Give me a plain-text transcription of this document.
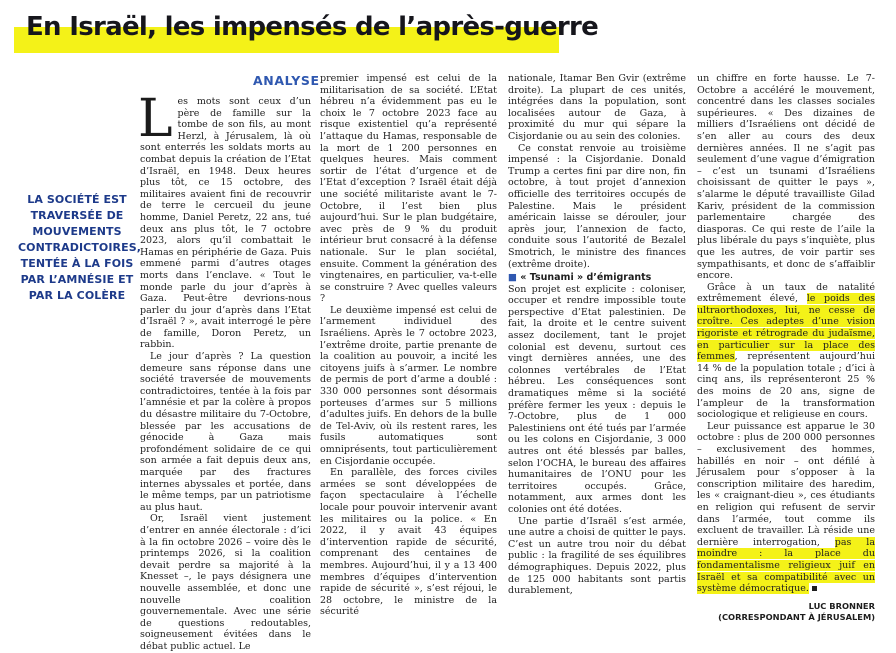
En Israël, les impensés de l’après-guerre
LA SOCIÉTÉ EST TRAVERSÉE DE MOUVEMENTS CONTRADICTOIRES, TENTÉE À LA FOIS PAR L’AMNÉSIE ET PAR LA COLÈRE
ANALYSE

Les mots sont ceux d’un père de famille sur la tombe de son fils, au mont Herzl, à Jérusalem, là où sont enterrés les soldats morts au combat depuis la création de l’Etat d’Israël, en 1948. Deux heures plus tôt, ce 15 octobre, des militaires avaient fini de recouvrir de terre le cercueil du jeune homme, Daniel Peretz, 22 ans, tué deux ans plus tôt, le 7 octobre 2023, alors qu’il combattait le Hamas en périphérie de Gaza. Puis emmené parmi d’autres otages morts dans l’enclave. « Tout le monde parle du jour d’après à Gaza. Peut-être devrions-nous parler du jour d’après dans l’Etat d’Israël ? », avait interrogé le père de famille, Doron Peretz, un rabbin.

Le jour d’après ? La question demeure sans réponse dans une société traversée de mouvements contradictoires, tentée à la fois par l’amnésie et par la colère à propos du désastre militaire du 7-Octobre, blessée par les accusations de génocide à Gaza mais profondément solidaire de ce qui son armée a fait depuis deux ans, marquée par des fractures internes abyssales et portée, dans le même temps, par un patriotisme au plus haut.

Or, Israël vient justement d’entrer en année électorale : d’ici à la fin octobre 2026 – voire dès le printemps 2026, si la coalition devait perdre sa majorité à la Knesset –, le pays désignera une nouvelle assemblée, et donc une nouvelle coalition gouvernementale. Avec une série de questions redoutables, soigneusement évitées dans le débat public actuel. Le

premier impensé est celui de la militarisation de sa société. L’Etat hébreu n’a évidemment pas eu le choix le 7 octobre 2023 face au risque existentiel qu’a représenté l’attaque du Hamas, responsable de la mort de 1 200 personnes en quelques heures. Mais comment sortir de l’état d’urgence et de l’Etat d’exception ? Israël était déjà une société militariste avant le 7-Octobre, il l’est bien plus aujourd’hui. Sur le plan budgétaire, avec près de 9 % du produit intérieur brut consacré à la défense nationale. Sur le plan sociétal, ensuite. Comment la génération des vingtenaires, en particulier, va-t-elle se construire ? Avec quelles valeurs ?

Le deuxième impensé est celui de l’armement individuel des Israéliens. Après le 7 octobre 2023, l’extrême droite, partie prenante de la coalition au pouvoir, a incité les citoyens juifs à s’armer. Le nombre de permis de port d’arme a doublé : 330 000 personnes sont désormais porteuses d’armes sur 5 millions d’adultes juifs. En dehors de la bulle de Tel-Aviv, où ils restent rares, les fusils automatiques sont omniprésents, tout particulièrement en Cisjordanie occupée.

En parallèle, des forces civiles armées se sont développées de façon spectaculaire à l’échelle locale pour pouvoir intervenir avant les militaires ou la police. « En 2022, il y avait 43 équipes d’intervention rapide de sécurité, comprenant des centaines de membres. Aujourd’hui, il y a 13 400 membres d’équipes d’intervention rapide de sécurité », s’est réjoui, le 28 octobre, le ministre de la sécurité

nationale, Itamar Ben Gvir (extrême droite). La plupart de ces unités, intégrées dans la population, sont localisées autour de Gaza, à proximité du mur qui sépare la Cisjordanie ou au sein des colonies.

Ce constat renvoie au troisième impensé : la Cisjordanie. Donald Trump a certes fini par dire non, fin octobre, à tout projet d’annexion officielle des territoires occupés de Palestine. Mais le président américain laisse se dérouler, jour après jour, l’annexion de facto, conduite sous l’autorité de Bezalel Smotrich, le ministre des finances (extrême droite).

■ « Tsunami » d’émigrants

Son projet est explicite : coloniser, occuper et rendre impossible toute perspective d’Etat palestinien. De fait, la droite et le centre suivent assez docilement, tant le projet colonial est devenu, surtout ces vingt dernières années, une des colonnes vertébrales de l’Etat hébreu. Les conséquences sont dramatiques même si la société préfère fermer les yeux : depuis le 7-Octobre, plus de 1 000 Palestiniens ont été tués par l’armée ou les colons en Cisjordanie, 3 000 autres ont été blessés par balles, selon l’OCHA, le bureau des affaires humanitaires de l’ONU pour les territoires occupés. Grâce, notamment, aux armes dont les colonies ont été dotées.

Une partie d’Israël s’est armée, une autre a choisi de quitter le pays. C’est un autre trou noir du débat public : la fragilité de ses équilibres démographiques. Depuis 2022, plus de 125 000 habitants sont partis durablement,

un chiffre en forte hausse. Le 7-Octobre a accéléré le mouvement, concentré dans les classes sociales supérieures. « Des dizaines de milliers d’Israéliens ont décidé de s’en aller au cours des deux dernières années. Il ne s’agit pas seulement d’une vague d’émigration – c’est un tsunami d’Israéliens choisissant de quitter le pays », s’alarme le député travailliste Gilad Kariv, président de la commission parlementaire chargée des diasporas. Ce qui reste de l’aile la plus libérale du pays s’inquiète, plus que les autres, de voir partir ses sympathisants, et donc de s’affaiblir encore.

Grâce à un taux de natalité extrêmement élevé, le poids des ultraorthodoxes, lui, ne cesse de croître. Ces adeptes d’une vision rigoriste et rétrograde du judaïsme, en particulier sur la place des femmes, représentent aujourd’hui 14 % de la population totale ; d’ici à cinq ans, ils représenteront 25 % des moins de 20 ans, signe de l’ampleur de la transformation sociologique et religieuse en cours.

Leur puissance est apparue le 30 octobre : plus de 200 000 personnes – exclusivement des hommes, habillés en noir – ont défilé à Jérusalem pour s’opposer à la conscription militaire des haredim, les « craignant-dieu », ces étudiants en religion qui refusent de servir dans l’armée, tout comme ils excluent de travailler. Là réside une dernière interrogation, pas la moindre : la place du fondamentalisme religieux juif en Israël et sa compatibilité avec un système démocratique.

LUC BRONNER
(CORRESPONDANT À JÉRUSALEM)
